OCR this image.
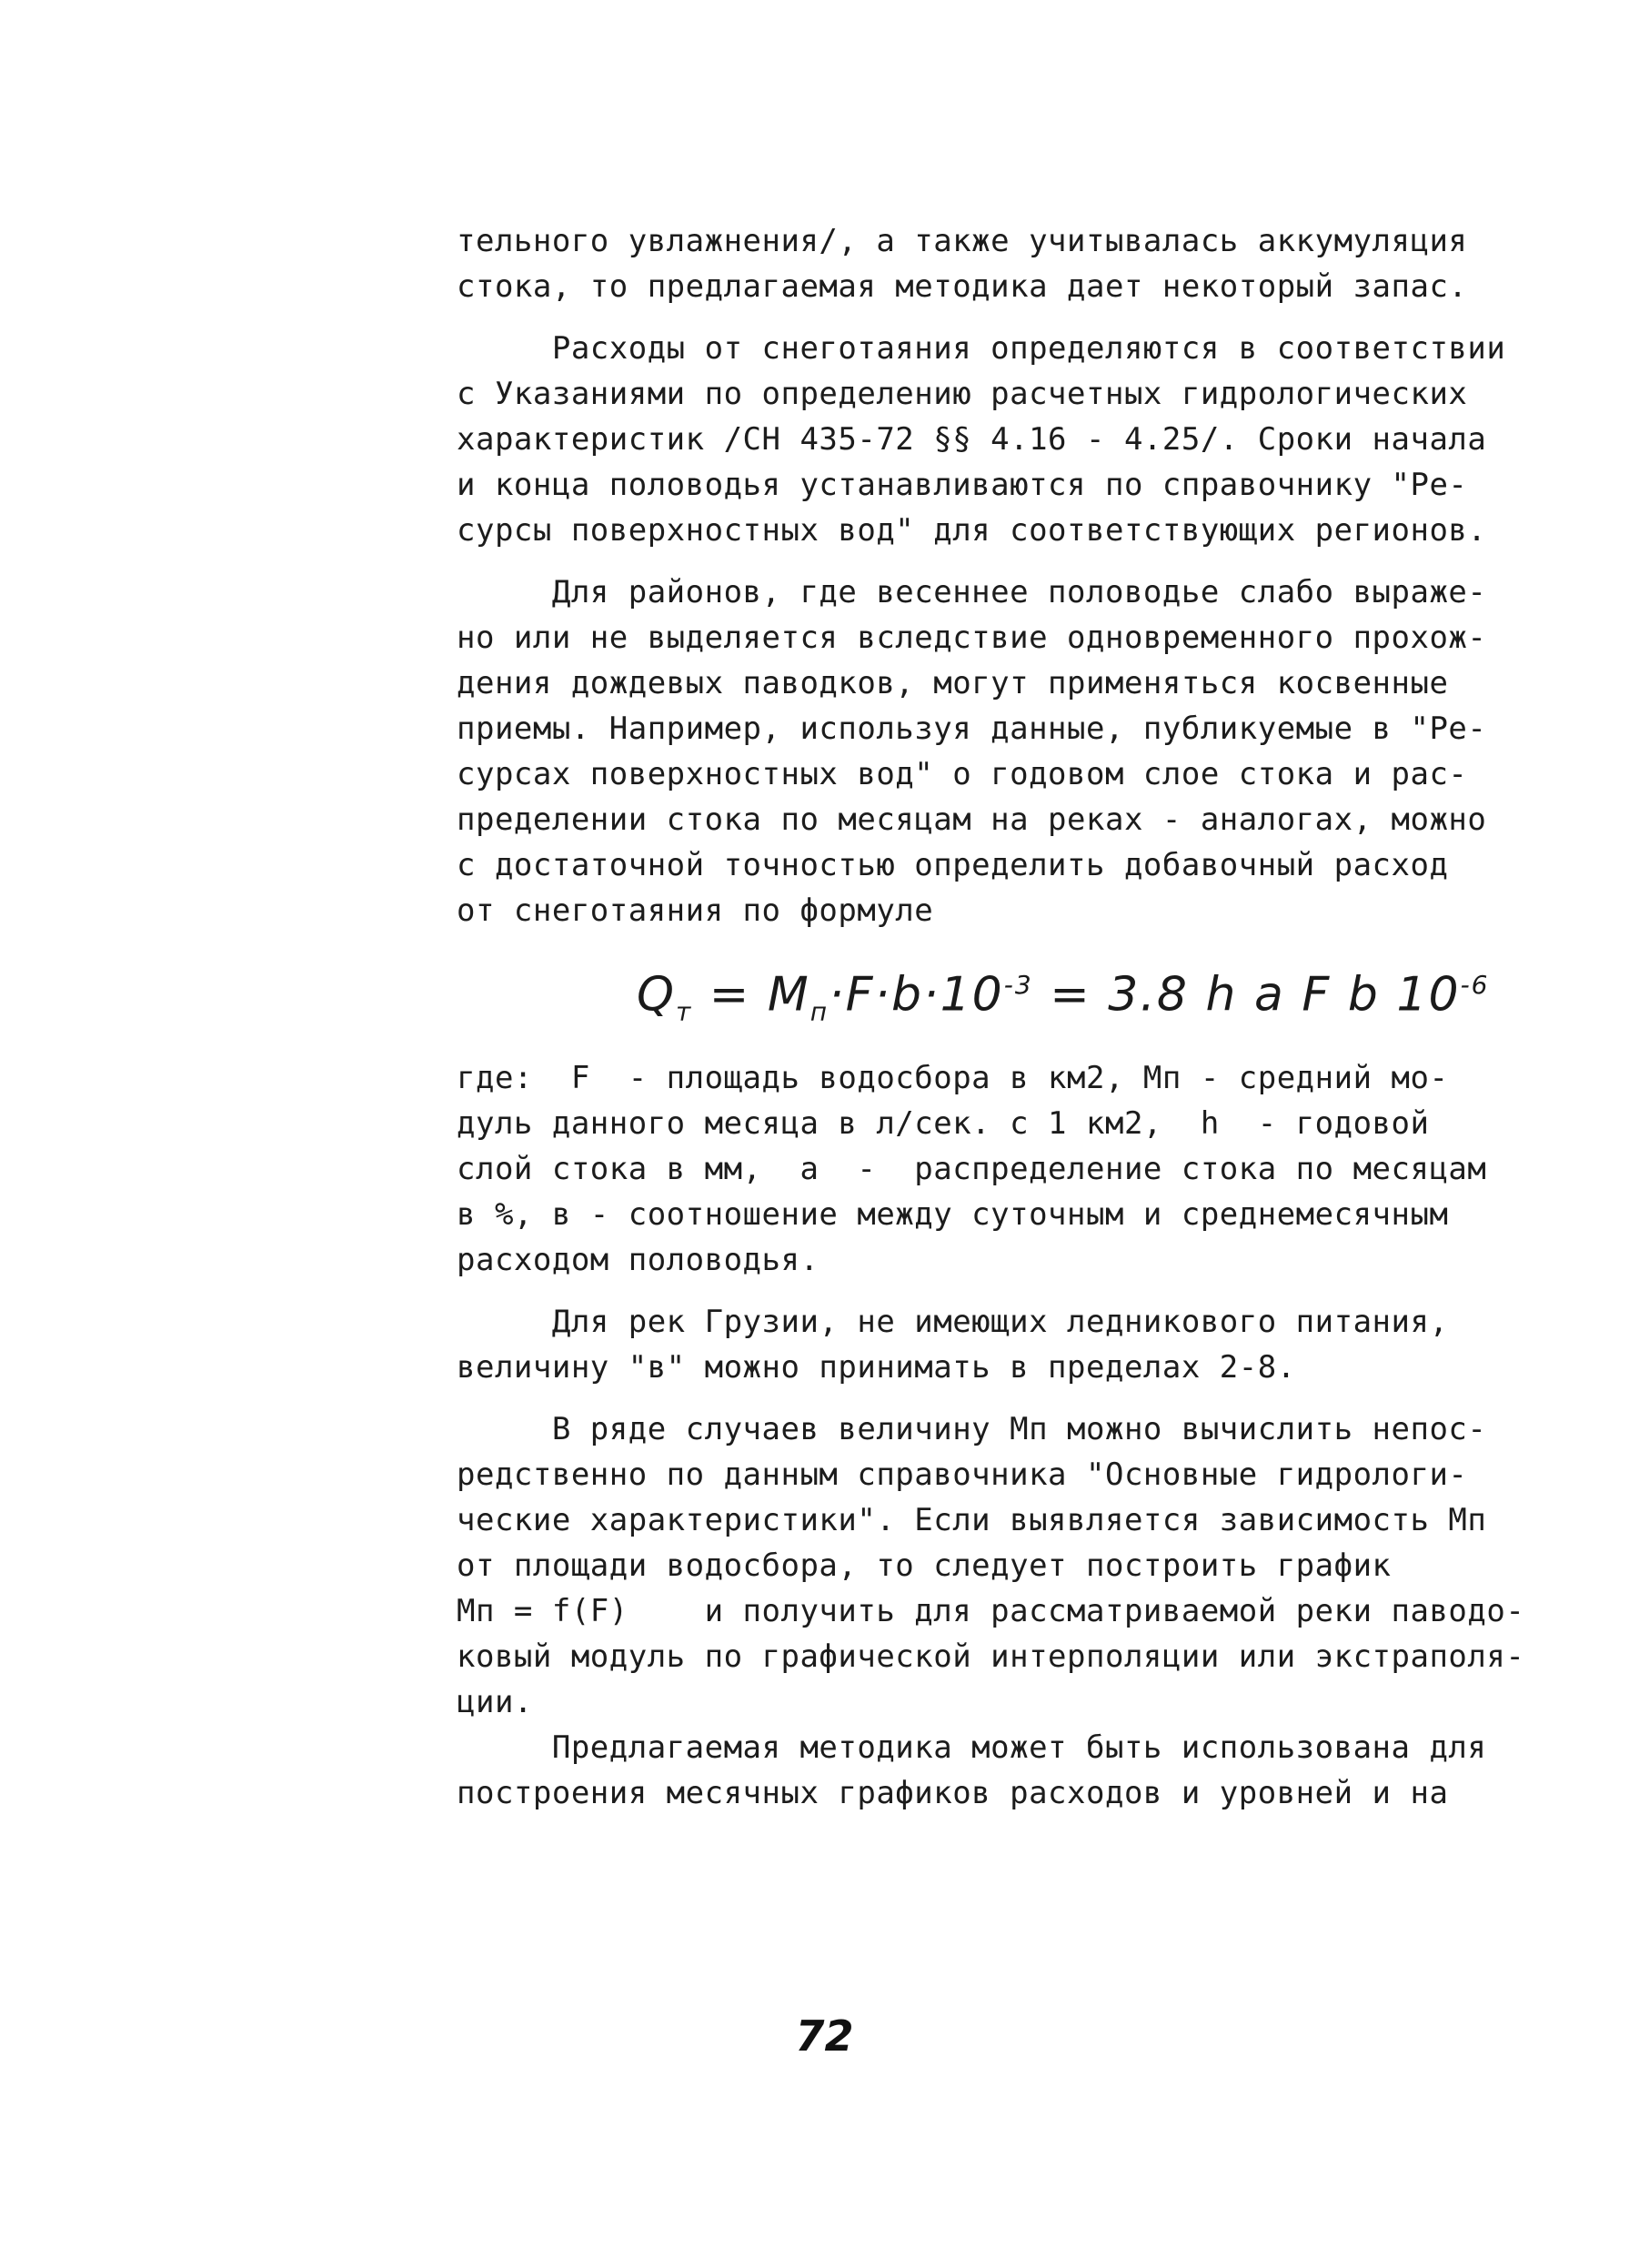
тельного увлажнения/, а также учитывалась аккумуляция
стока, то предлагаемая методика дает некоторый запас.
Расходы от снеготаяния определяются в соответствии
с Указаниями по определению расчетных гидрологических
характеристик /СН 435-72 §§ 4.16 - 4.25/. Сроки начала
и конца половодья устанавливаются по справочнику "Ре-
сурсы поверхностных вод" для соответствующих регионов.
Для районов, где весеннее половодье слабо выраже-
но или не выделяется вследствие одновременного прохож-
дения дождевых паводков, могут применяться косвенные
приемы. Например, используя данные, публикуемые в "Ре-
сурсах поверхностных вод" о годовом слое стока и рас-
пределении стока по месяцам на реках - аналогах, можно
с достаточной точностью определить добавочный расход
от снеготаяния по формуле
$Q_т = M_п\cdot F\cdot b\cdot 10^{-3} = 3.8$ h a F b $10^{-6}$
где:  F  - площадь водосбора в км2, Мп - средний мо-
дуль данного месяца в л/сек. с 1 км2,  h  - годовой
слой стока в мм,  a  -  распределение стока по месяцам
в %, в - соотношение между суточным и среднемесячным
расходом половодья.
Для рек Грузии, не имеющих ледникового питания,
величину "в" можно принимать в пределах 2-8.
В ряде случаев величину Мп можно вычислить непос-
редственно по данным справочника "Основные гидрологи-
ческие характеристики". Если выявляется зависимость Мп
от площади водосбора, то следует построить график
Мп = f(F)    и получить для рассматриваемой реки паводо-
ковый модуль по графической интерполяции или экстраполя-
ции.
Предлагаемая методика может быть использована для
построения месячных графиков расходов и уровней и на
72
